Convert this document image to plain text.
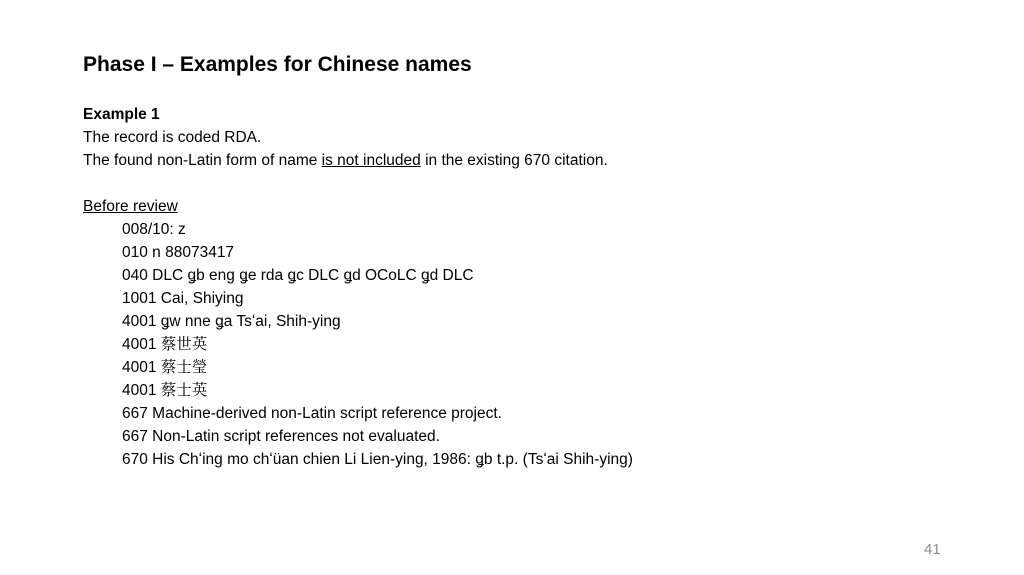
Phase I – Examples for Chinese names
Example 1
The record is coded RDA.
The found non-Latin form of name is not included in the existing 670 citation.
Before review
008/10: z
010 n 88073417
040 DLC ǥb eng ǥe rda ǥc DLC ǥd OCoLC ǥd DLC
1001 Cai, Shiying
4001 ǥw nne ǥa Tsʻai, Shih-ying
4001 蔡世英
4001 蔡士瑩
4001 蔡士英
667 Machine-derived non-Latin script reference project.
667 Non-Latin script references not evaluated.
670 His Chʻing mo chʻüan chien Li Lien-ying, 1986: ǥb t.p. (Tsʻai Shih-ying)
41
